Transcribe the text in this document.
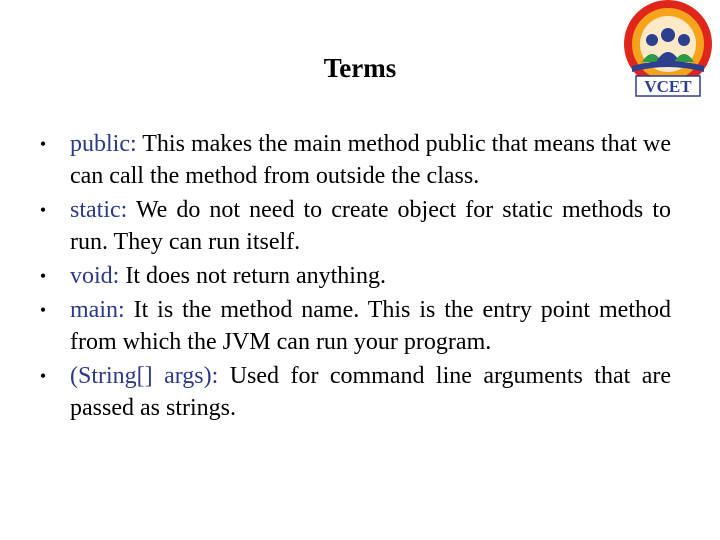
Terms
VCET
• public: This makes the main method public that means that we can call the method from outside the class.
• static: We do not need to create object for static methods to run. They can run itself.
• void: It does not return anything.
• main: It is the method name. This is the entry point method from which the JVM can run your program.
• (String[] args): Used for command line arguments that are passed as strings.
